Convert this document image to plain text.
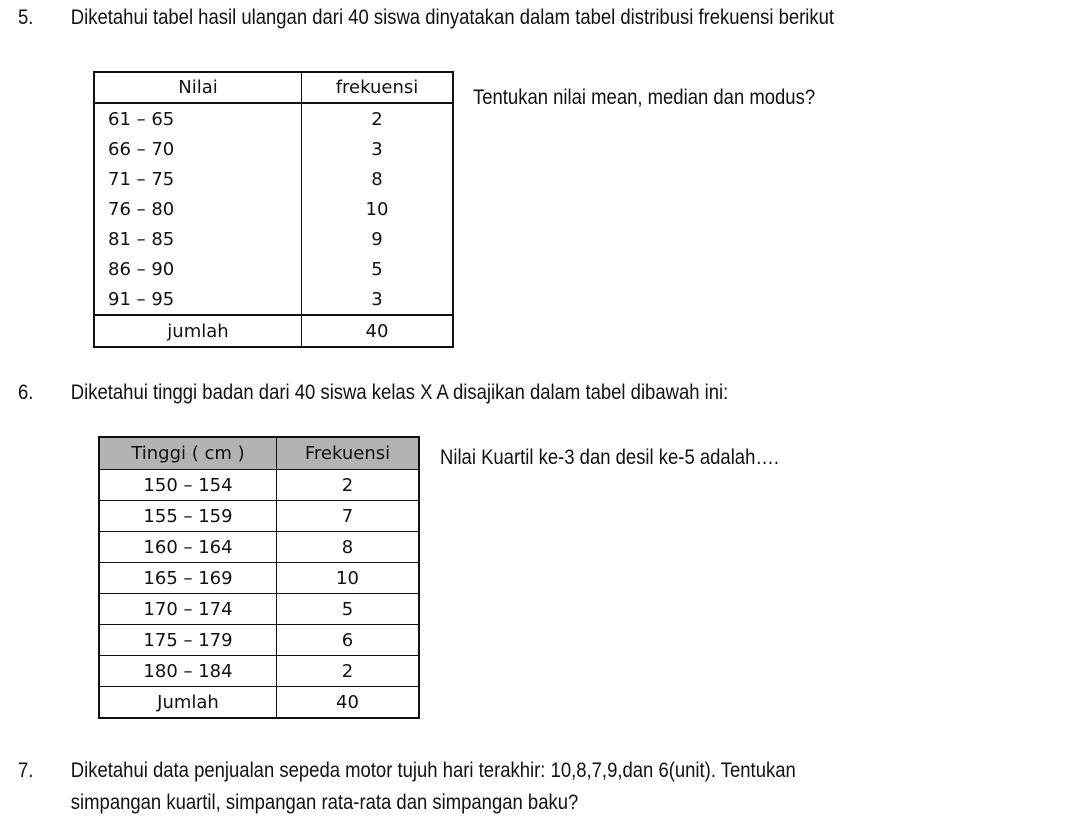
5. Diketahui tabel hasil ulangan dari 40 siswa dinyatakan dalam tabel distribusi frekuensi berikut
Nilai	frekuensi
61 – 65	2
66 – 70	3
71 – 75	8
76 – 80	10
81 – 85	9
86 – 90	5
91 – 95	3
jumlah	40
Tentukan nilai mean, median dan modus?
6. Diketahui tinggi badan dari 40 siswa kelas X A disajikan dalam tabel dibawah ini:
Tinggi ( cm )	Frekuensi
150 – 154	2
155 – 159	7
160 – 164	8
165 – 169	10
170 – 174	5
175 – 179	6
180 – 184	2
Jumlah	40
Nilai Kuartil ke-3 dan desil ke-5 adalah….
7. Diketahui data penjualan sepeda motor tujuh hari terakhir: 10,8,7,9,dan 6(unit). Tentukan
simpangan kuartil, simpangan rata-rata dan simpangan baku?
